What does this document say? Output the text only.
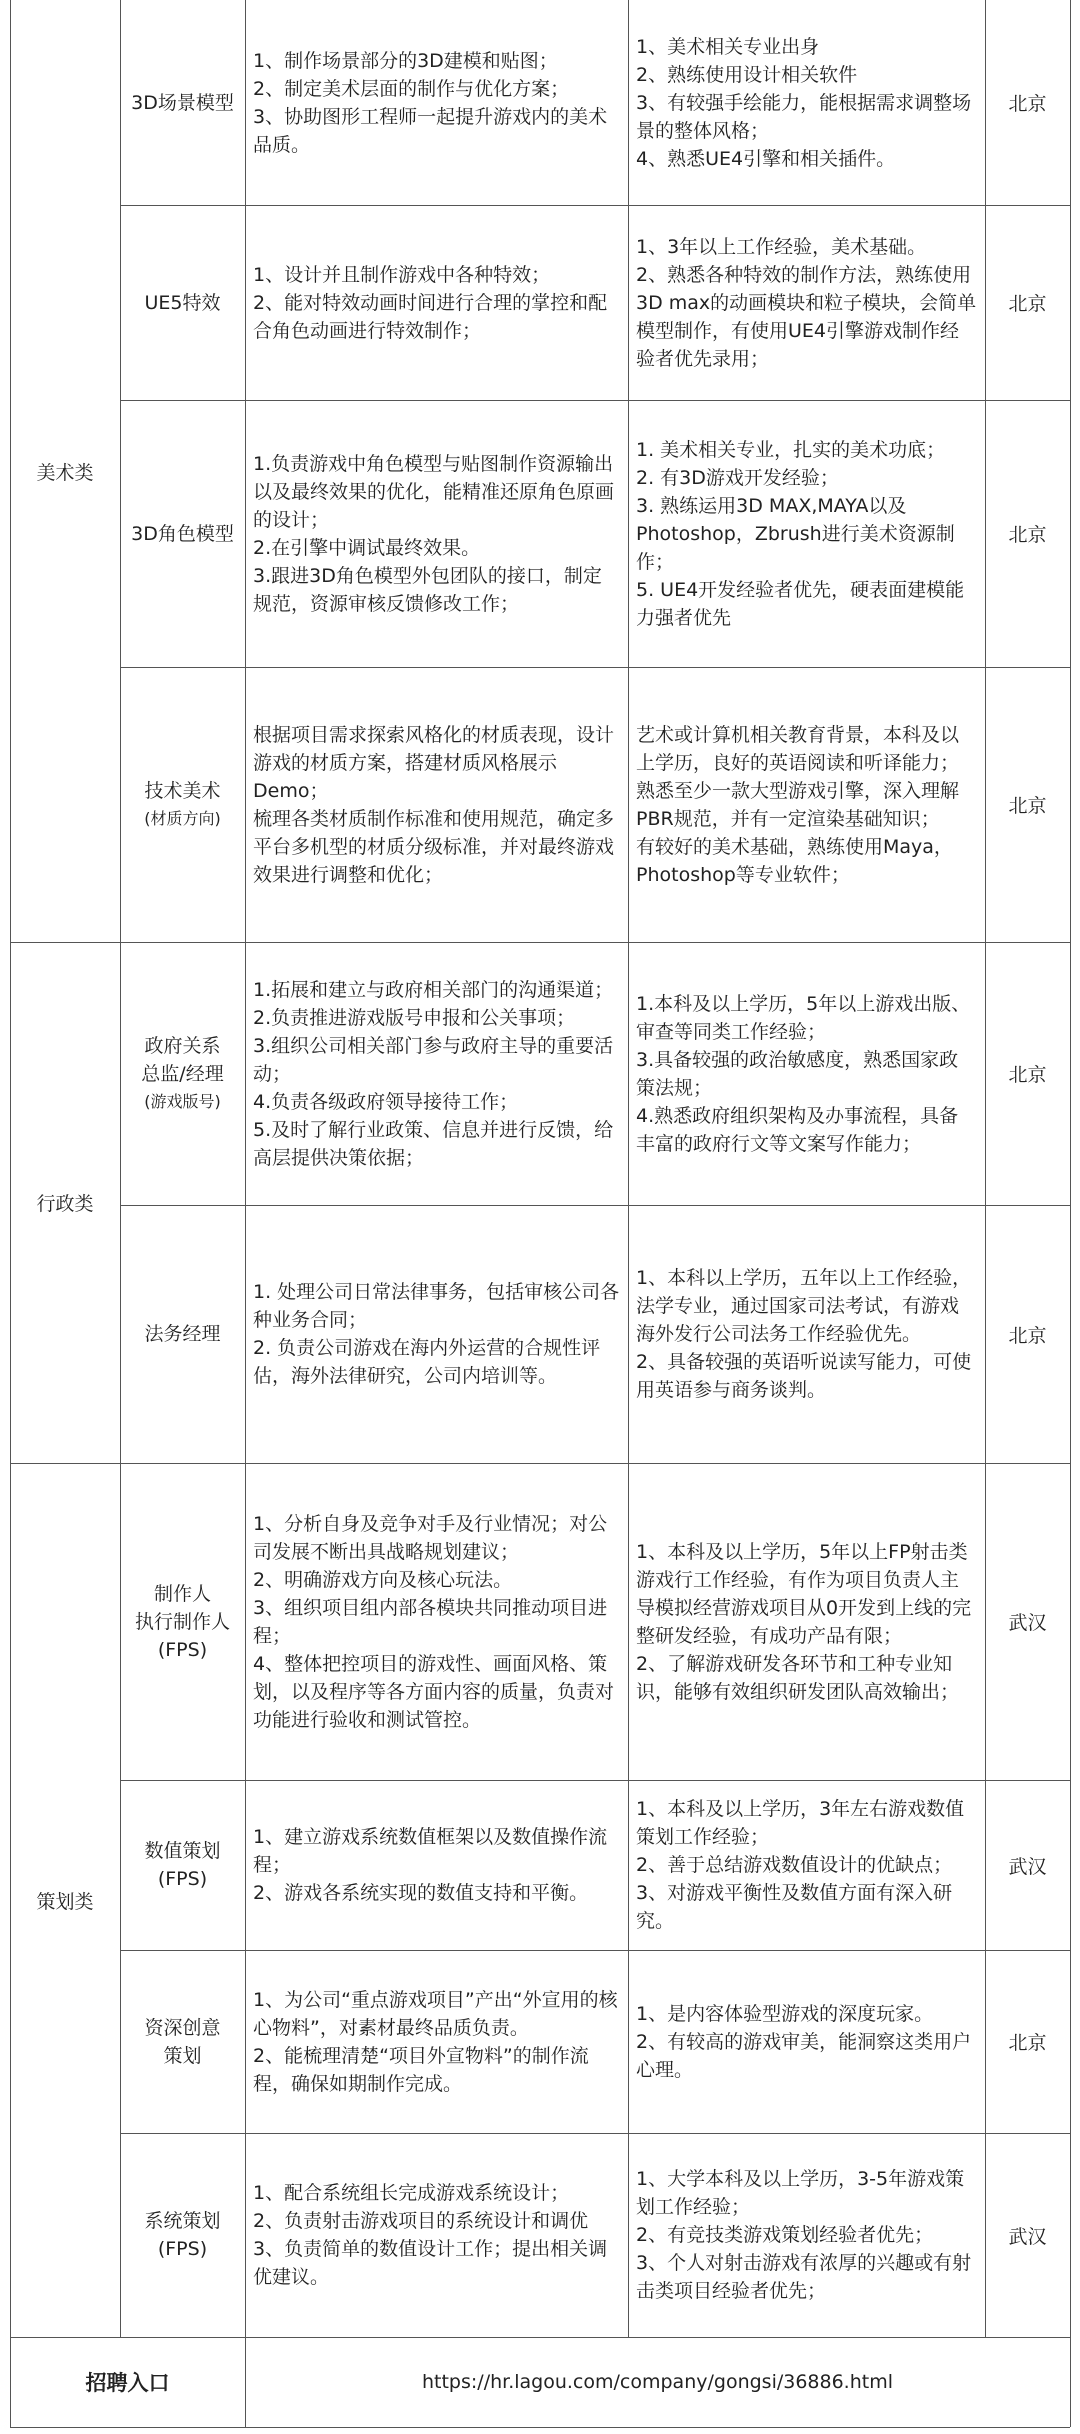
美术类
行政类
策划类
3D场景模型
1、制作场景部分的3D建模和贴图；
2、制定美术层面的制作与优化方案；
3、协助图形工程师一起提升游戏内的美术品质。
1、美术相关专业出身
2、熟练使用设计相关软件
3、有较强手绘能力，能根据需求调整场景的整体风格；
4、熟悉UE4引擎和相关插件。
北京
UE5特效
1、设计并且制作游戏中各种特效；
2、能对特效动画时间进行合理的掌控和配合角色动画进行特效制作；
1、3年以上工作经验，美术基础。
2、熟悉各种特效的制作方法，熟练使用3D max的动画模块和粒子模块，会简单模型制作，有使用UE4引擎游戏制作经验者优先录用；
北京
3D角色模型
1.负责游戏中角色模型与贴图制作资源输出以及最终效果的优化，能精准还原角色原画的设计；
2.在引擎中调试最终效果。
3.跟进3D角色模型外包团队的接口，制定规范，资源审核反馈修改工作；
1. 美术相关专业，扎实的美术功底；
2. 有3D游戏开发经验；
3. 熟练运用3D MAX,MAYA以及Photoshop，Zbrush进行美术资源制作；
5. UE4开发经验者优先，硬表面建模能力强者优先
北京
技术美术
(材质方向)
根据项目需求探索风格化的材质表现，设计游戏的材质方案，搭建材质风格展示Demo；
梳理各类材质制作标准和使用规范，确定多平台多机型的材质分级标准，并对最终游戏效果进行调整和优化；
艺术或计算机相关教育背景，本科及以上学历，良好的英语阅读和听译能力；
熟悉至少一款大型游戏引擎，深入理解PBR规范，并有一定渲染基础知识；
有较好的美术基础，熟练使用Maya，Photoshop等专业软件；
北京
政府关系
总监/经理
(游戏版号)
1.拓展和建立与政府相关部门的沟通渠道；
2.负责推进游戏版号申报和公关事项；
3.组织公司相关部门参与政府主导的重要活动；
4.负责各级政府领导接待工作；
5.及时了解行业政策、信息并进行反馈，给高层提供决策依据；
1.本科及以上学历，5年以上游戏出版、审查等同类工作经验；
3.具备较强的政治敏感度，熟悉国家政策法规；
4.熟悉政府组织架构及办事流程，具备丰富的政府行文等文案写作能力；
北京
法务经理
1. 处理公司日常法律事务，包括审核公司各种业务合同；
2. 负责公司游戏在海内外运营的合规性评估，海外法律研究，公司内培训等。
1、本科以上学历，五年以上工作经验，法学专业，通过国家司法考试，有游戏海外发行公司法务工作经验优先。
2、具备较强的英语听说读写能力，可使用英语参与商务谈判。
北京
制作人
执行制作人
(FPS)
1、分析自身及竞争对手及行业情况；对公司发展不断出具战略规划建议；
2、明确游戏方向及核心玩法。
3、组织项目组内部各模块共同推动项目进程；
4、整体把控项目的游戏性、画面风格、策划，以及程序等各方面内容的质量，负责对功能进行验收和测试管控。
1、本科及以上学历，5年以上FP射击类游戏行工作经验，有作为项目负责人主导模拟经营游戏项目从0开发到上线的完整研发经验，有成功产品有限；
2、了解游戏研发各环节和工种专业知识，能够有效组织研发团队高效输出；
武汉
数值策划
(FPS)
1、建立游戏系统数值框架以及数值操作流程；
2、游戏各系统实现的数值支持和平衡。
1、本科及以上学历，3年左右游戏数值策划工作经验；
2、善于总结游戏数值设计的优缺点；
3、对游戏平衡性及数值方面有深入研究。
武汉
资深创意
策划
1、为公司“重点游戏项目”产出“外宣用的核心物料”，对素材最终品质负责。
2、能梳理清楚“项目外宣物料”的制作流程，确保如期制作完成。
1、是内容体验型游戏的深度玩家。
2、有较高的游戏审美，能洞察这类用户心理。
北京
系统策划
(FPS)
1、配合系统组长完成游戏系统设计；
2、负责射击游戏项目的系统设计和调优
3、负责简单的数值设计工作；提出相关调优建议。
1、大学本科及以上学历，3-5年游戏策划工作经验；
2、有竞技类游戏策划经验者优先；
3、个人对射击游戏有浓厚的兴趣或有射击类项目经验者优先；
武汉
招聘入口	https://hr.lagou.com/company/gongsi/36886.html
